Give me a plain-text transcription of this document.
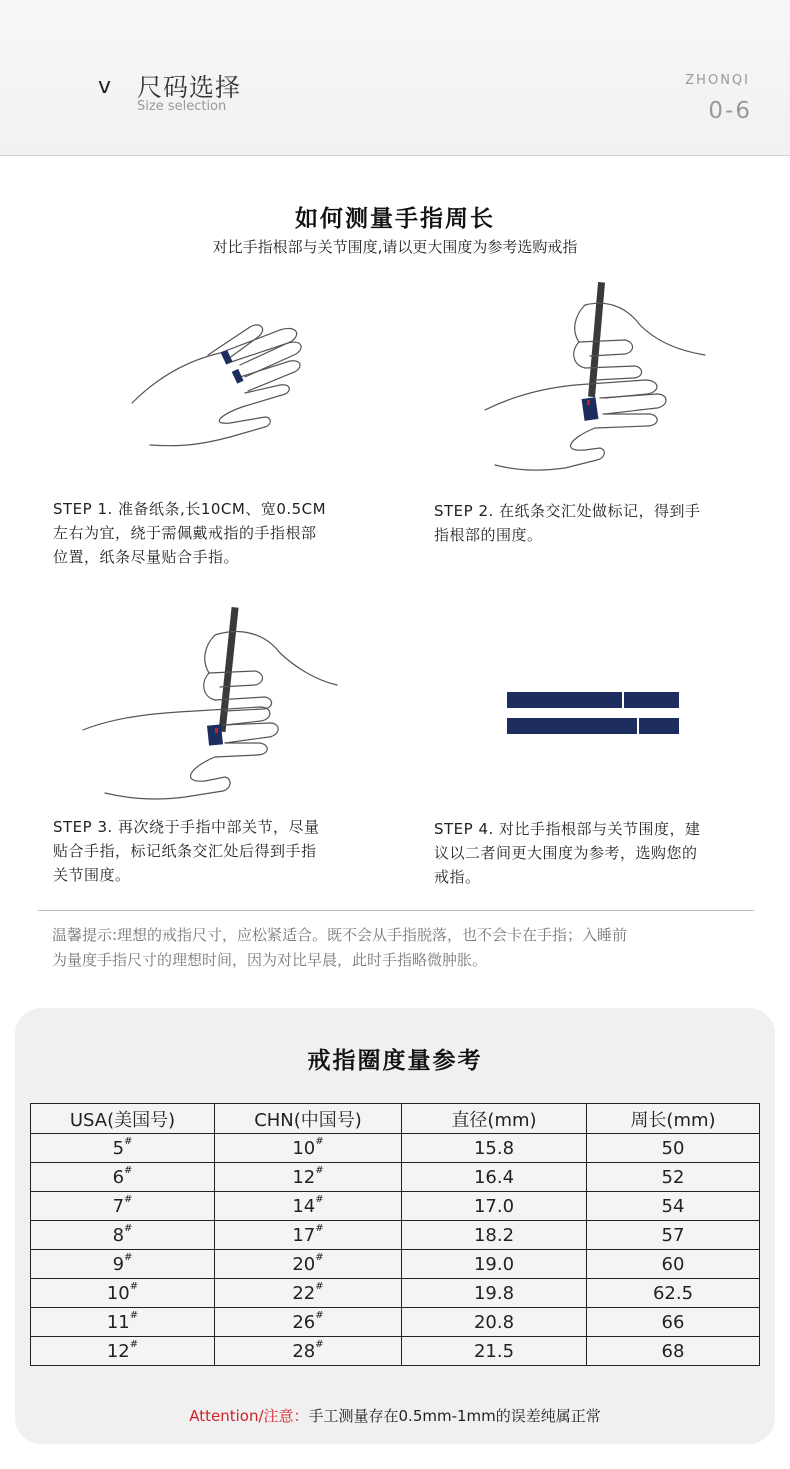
v 尺码选择
Size selection
ZHONQI
0-6
如何测量手指周长
对比手指根部与关节围度,请以更大围度为参考选购戒指
STEP 1. 准备纸条,长10CM、宽0.5CM
左右为宜，绕于需佩戴戒指的手指根部
位置，纸条尽量贴合手指。
STEP 2. 在纸条交汇处做标记，得到手
指根部的围度。
STEP 3. 再次绕于手指中部关节，尽量
贴合手指，标记纸条交汇处后得到手指
关节围度。
STEP 4. 对比手指根部与关节围度，建
议以二者间更大围度为参考，选购您的
戒指。
温馨提示:理想的戒指尺寸，应松紧适合。既不会从手指脱落，也不会卡在手指；入睡前
为量度手指尺寸的理想时间，因为对比早晨，此时手指略微肿胀。
戒指圈度量参考
USA(美国号)	CHN(中国号)	直径(mm)	周长(mm)
5#	10#	15.8	50
6#	12#	16.4	52
7#	14#	17.0	54
8#	17#	18.2	57
9#	20#	19.0	60
10#	22#	19.8	62.5
11#	26#	20.8	66
12#	28#	21.5	68
Attention/注意：手工测量存在0.5mm-1mm的误差纯属正常
